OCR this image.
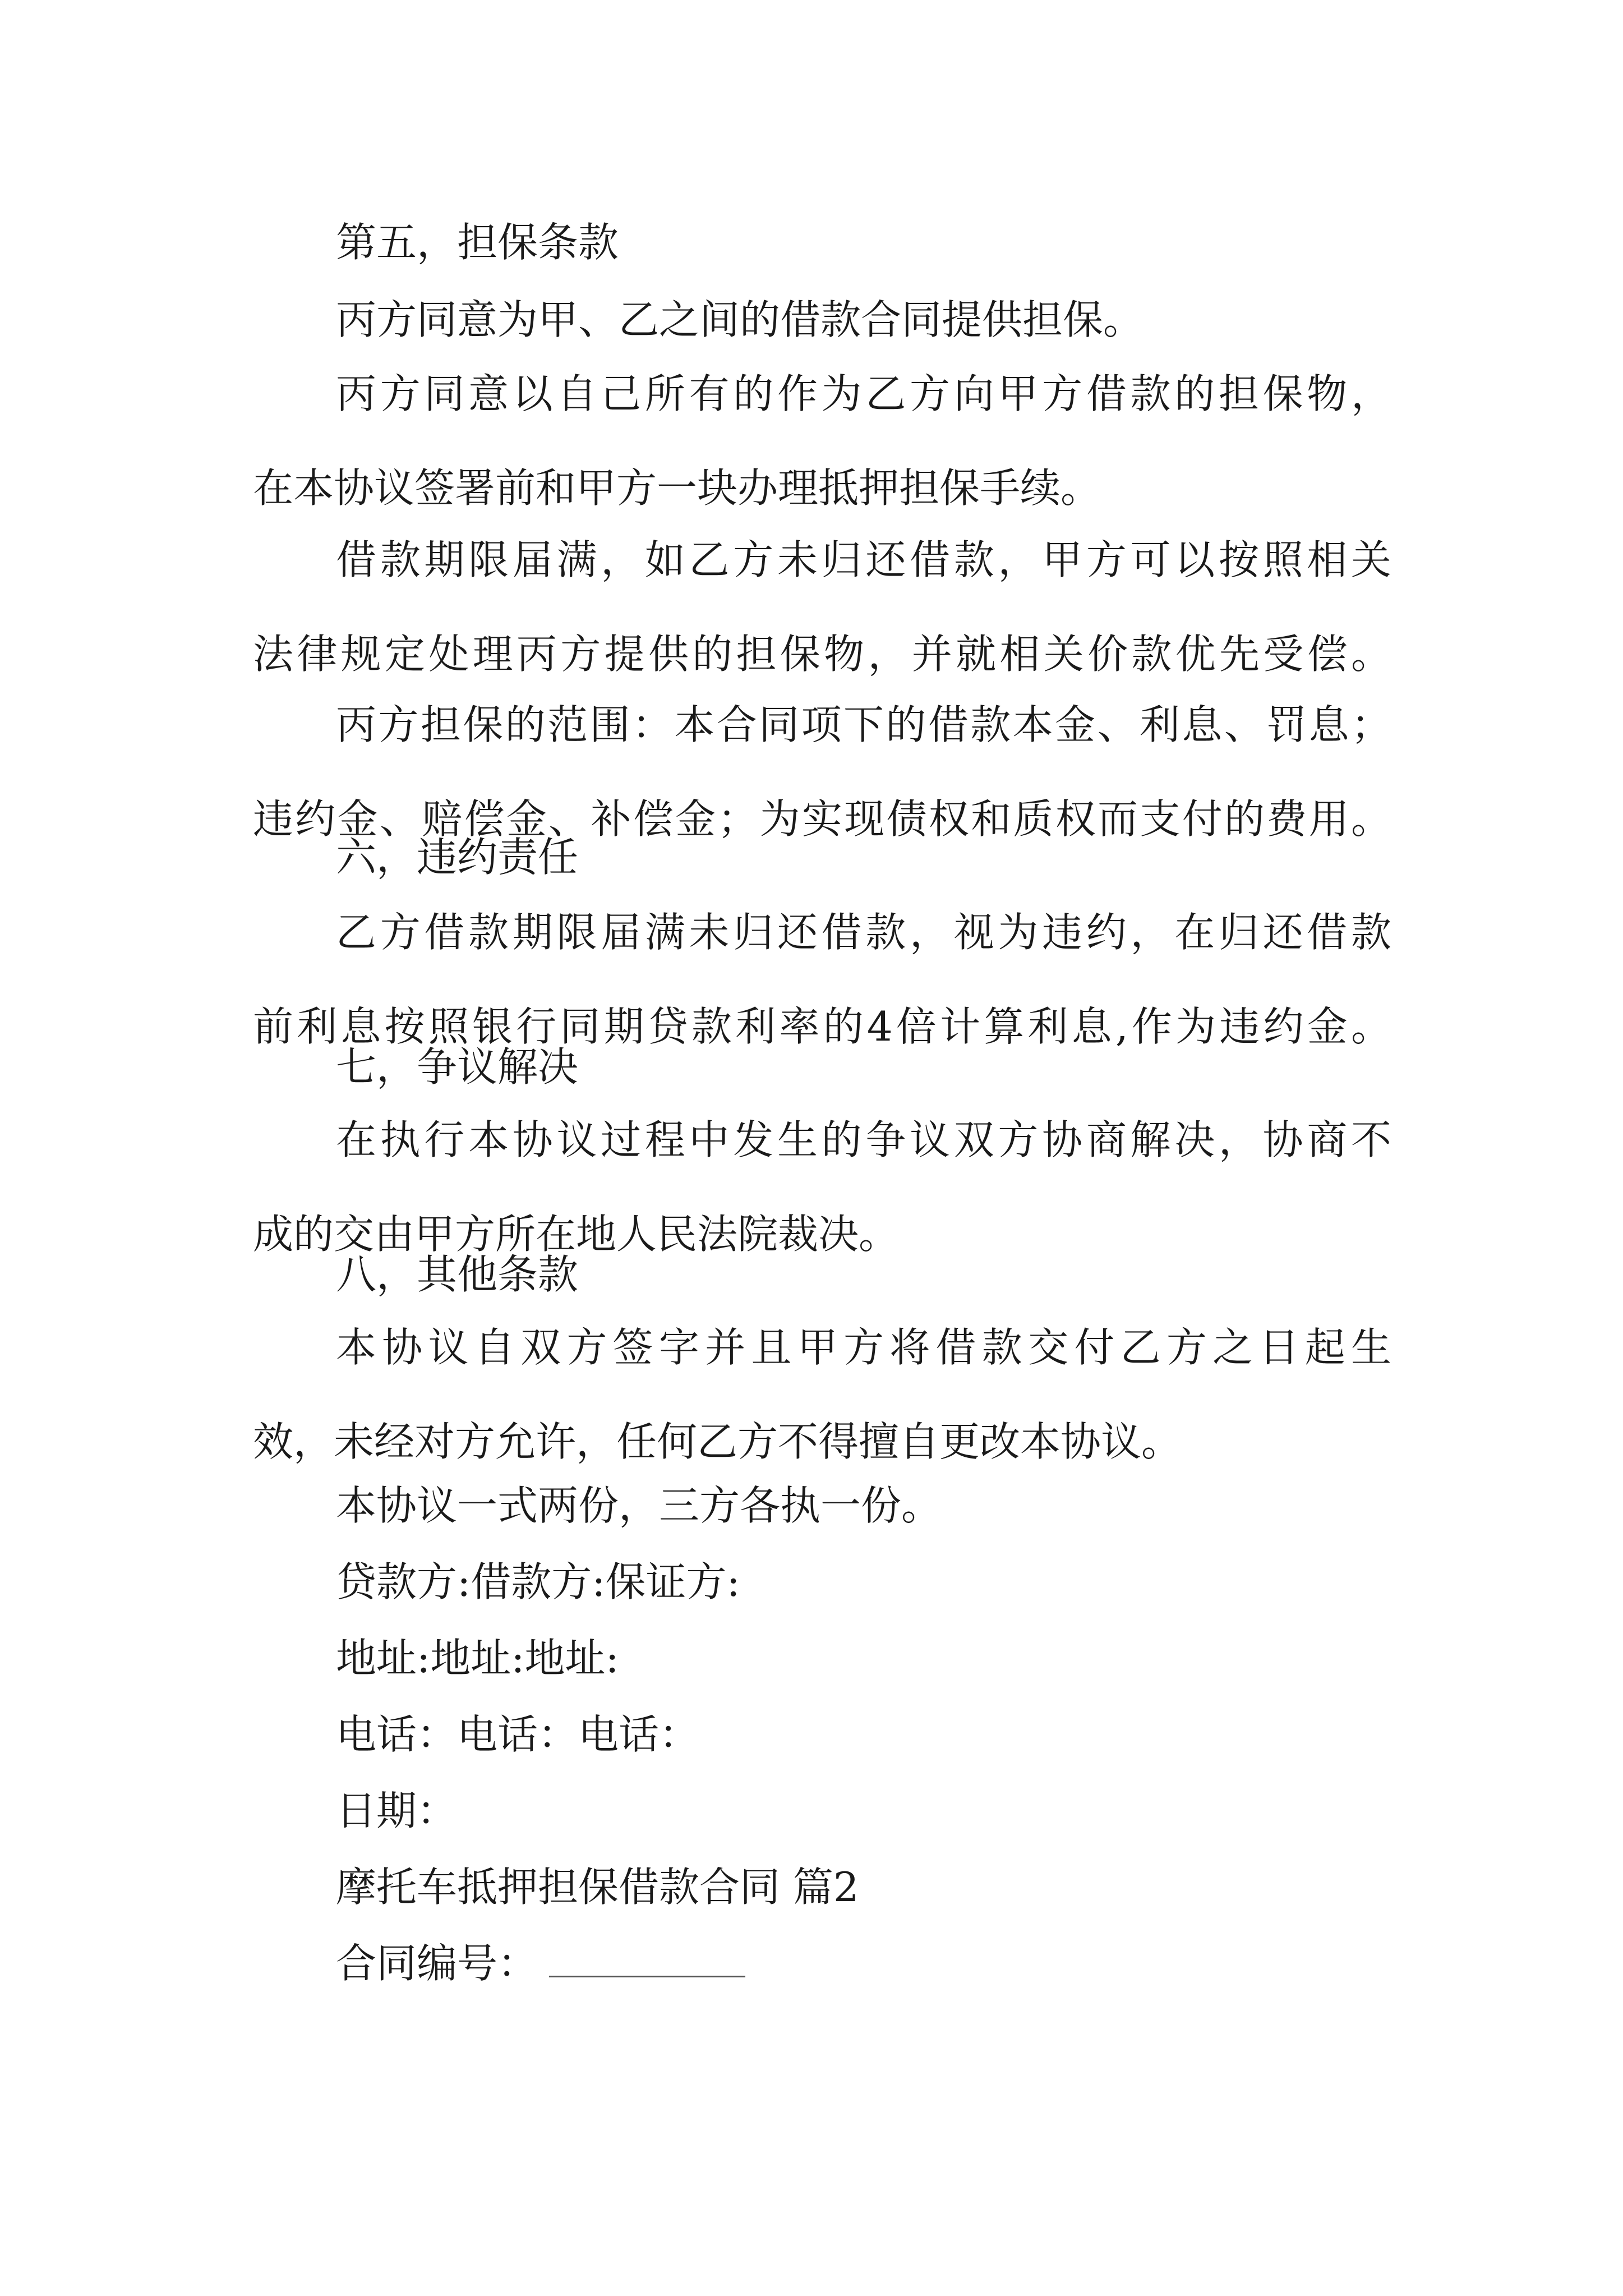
第五，担保条款
丙方同意为甲、乙之间的借款合同提供担保。
丙方同意以自己所有的作为乙方向甲方借款的担保物，
在本协议签署前和甲方一块办理抵押担保手续。
借款期限届满，如乙方未归还借款，甲方可以按照相关
法律规定处理丙方提供的担保物，并就相关价款优先受偿。
丙方担保的范围：本合同项下的借款本金、利息、罚息；
违约金、赔偿金、补偿金；为实现债权和质权而支付的费用。
六，违约责任
乙方借款期限届满未归还借款，视为违约，在归还借款
前利息按照银行同期贷款利率的4倍计算利息,作为违约金。
七，争议解决
在执行本协议过程中发生的争议双方协商解决，协商不
成的交由甲方所在地人民法院裁决。
八，其他条款
本协议自双方签字并且甲方将借款交付乙方之日起生
效，未经对方允许，任何乙方不得擅自更改本协议。
本协议一式两份，三方各执一份。
贷款方:借款方:保证方:
地址:地址:地址:
电话：电话：电话：
日期：
摩托车抵押担保借款合同 篇2
合同编号：
